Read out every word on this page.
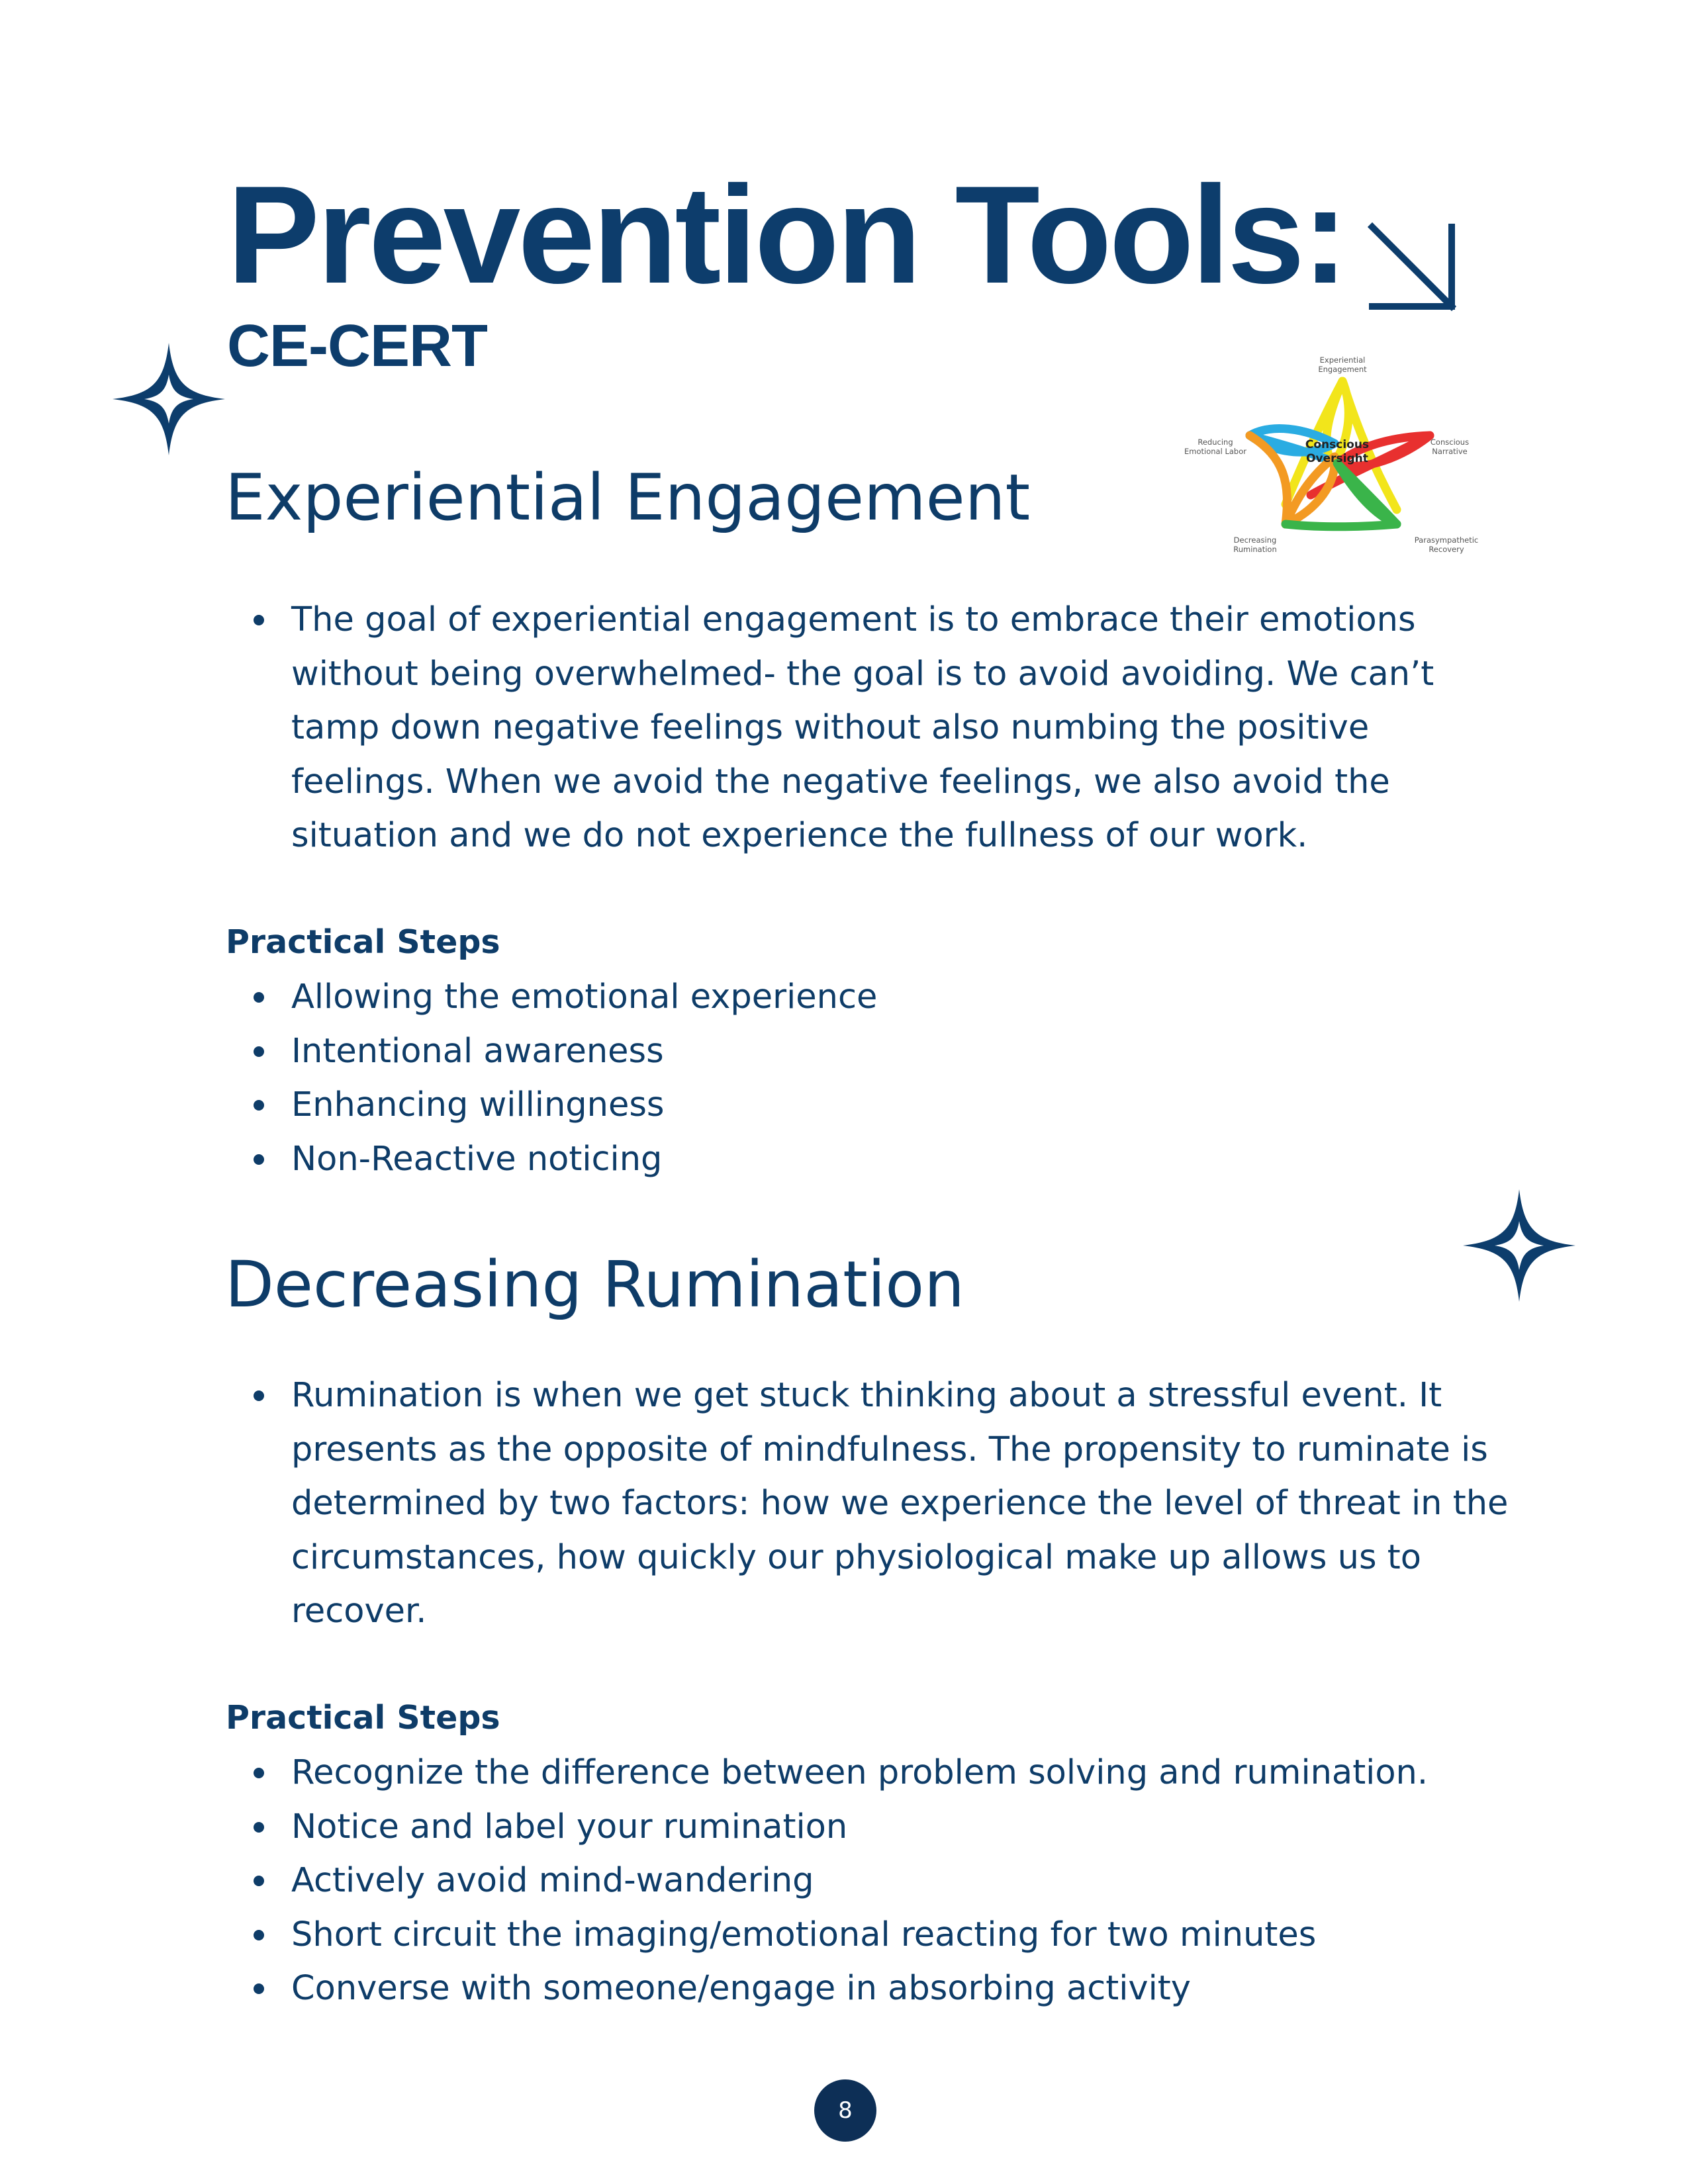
Prevention Tools:
CE-CERT
Conscious
Oversight
Experiential
Engagement
Conscious
Narrative
Reducing
Emotional Labor
Decreasing
Rumination
Parasympathetic
Recovery
Experiential Engagement
The goal of experiential engagement is to embrace their emotions without being overwhelmed- the goal is to avoid avoiding. We can’t tamp down negative feelings without also numbing the positive feelings. When we avoid the negative feelings, we also avoid the situation and we do not experience the fullness of our work.

Practical Steps

Allowing the emotional experience
Intentional awareness
Enhancing willingness
Non-Reactive noticing
Decreasing Rumination
Rumination is when we get stuck thinking about a stressful event. It presents as the opposite of mindfulness. The propensity to ruminate is determined by two factors: how we experience the level of threat in the circumstances, how quickly our physiological make up allows us to recover.

Practical Steps

Recognize the difference between problem solving and rumination.
Notice and label your rumination
Actively avoid mind-wandering
Short circuit the imaging/emotional reacting for two minutes
Converse with someone/engage in absorbing activity
8
